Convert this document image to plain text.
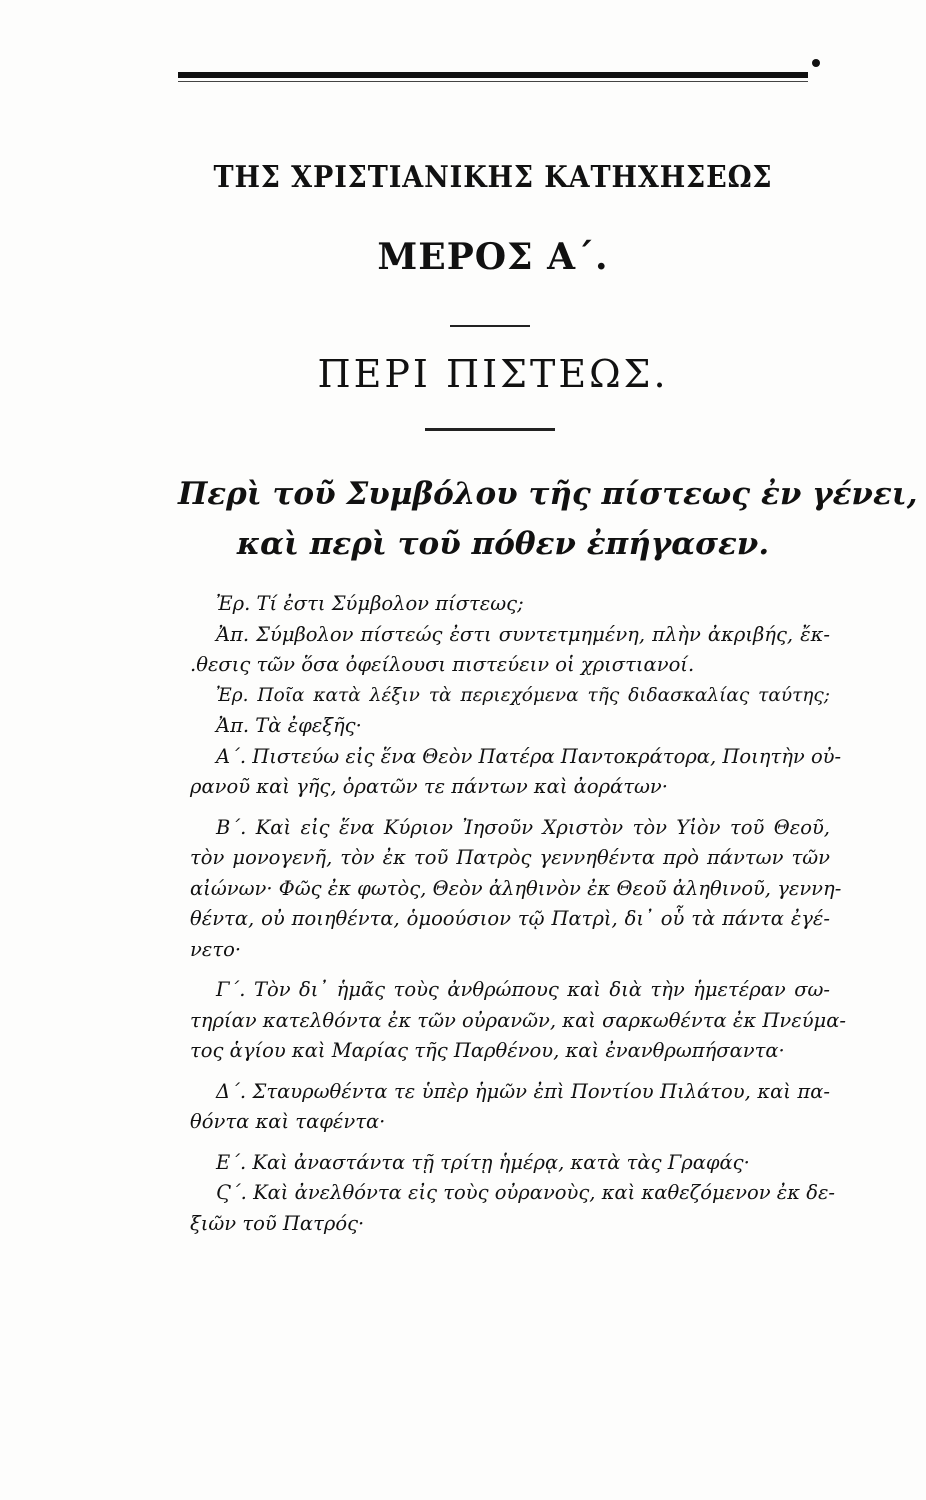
ΤΗΣ ΧΡΙΣΤΙΑΝΙΚΗΣ ΚΑΤΗΧΗΣΕΩΣ
ΜΕΡΟΣ Α΄.
ΠΕΡΙ ΠΙΣΤΕΩΣ.
Περὶ τοῦ Συμβόλου τῆς πίστεως ἐν γένει,
καὶ περὶ τοῦ πόθεν ἐπήγασεν.
Ἐρ. Τί ἐστι Σύμβολον πίστεως;
Ἀπ. Σύμβολον πίστεώς ἐστι συντετμημένη, πλὴν ἀκριβής, ἔκ-
.θεσις τῶν ὅσα ὀφείλουσι πιστεύειν οἱ χριστιανοί.
Ἐρ. Ποῖα κατὰ λέξιν τὰ περιεχόμενα τῆς διδασκαλίας ταύτης;
Ἀπ. Τὰ ἐφεξῆς·
Α΄. Πιστεύω εἰς ἕνα Θεὸν Πατέρα Παντοκράτορα, Ποιητὴν οὐ-
ρανοῦ καὶ γῆς, ὁρατῶν τε πάντων καὶ ἀοράτων·
Β΄. Καὶ εἰς ἕνα Κύριον Ἰησοῦν Χριστὸν τὸν Υἱὸν τοῦ Θεοῦ,
τὸν μονογενῆ, τὸν ἐκ τοῦ Πατρὸς γεννηθέντα πρὸ πάντων τῶν
αἰώνων· Φῶς ἐκ φωτὸς, Θεὸν ἀληθινὸν ἐκ Θεοῦ ἀληθινοῦ, γεννη-
θέντα, οὐ ποιηθέντα, ὁμοούσιον τῷ Πατρὶ, δι᾽ οὗ τὰ πάντα ἐγέ-
νετο·
Γ΄. Τὸν δι᾽ ἡμᾶς τοὺς ἀνθρώπους καὶ διὰ τὴν ἡμετέραν σω-
τηρίαν κατελθόντα ἐκ τῶν οὐρανῶν, καὶ σαρκωθέντα ἐκ Πνεύμα-
τος ἁγίου καὶ Μαρίας τῆς Παρθένου, καὶ ἐνανθρωπήσαντα·
Δ΄. Σταυρωθέντα τε ὑπὲρ ἡμῶν ἐπὶ Ποντίου Πιλάτου, καὶ πα-
θόντα καὶ ταφέντα·
Ε΄. Καὶ ἀναστάντα τῇ τρίτῃ ἡμέρᾳ, κατὰ τὰς Γραφάς·
Ϛ΄. Καὶ ἀνελθόντα εἰς τοὺς οὐρανοὺς, καὶ καθεζόμενον ἐκ δε-
ξιῶν τοῦ Πατρός·
